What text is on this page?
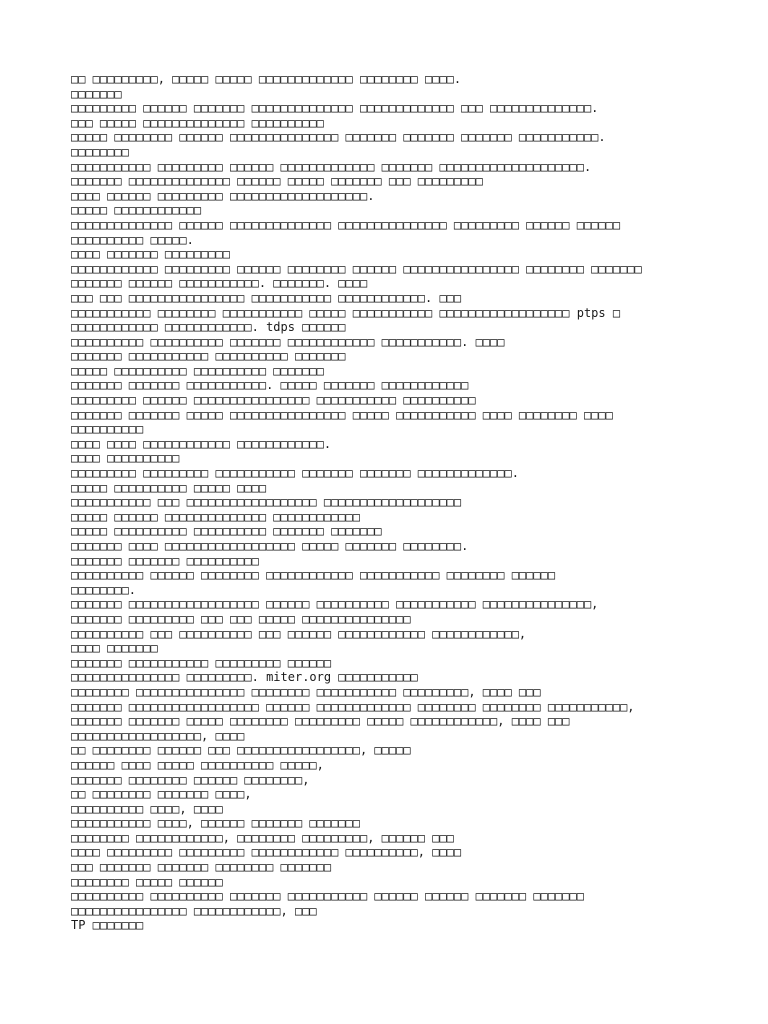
□□ □□□□□□□□□, □□□□□ □□□□□ □□□□□□□□□□□□□ □□□□□□□□ □□□□.
□□□□□□□
□□□□□□□□□ □□□□□□ □□□□□□□ □□□□□□□□□□□□□□ □□□□□□□□□□□□□ □□□ □□□□□□□□□□□□□□.
□□□ □□□□□ □□□□□□□□□□□□□□ □□□□□□□□□□
□□□□□ □□□□□□□□ □□□□□□ □□□□□□□□□□□□□□□ □□□□□□□ □□□□□□□ □□□□□□□ □□□□□□□□□□□.
□□□□□□□□
□□□□□□□□□□□ □□□□□□□□□ □□□□□□ □□□□□□□□□□□□□ □□□□□□□ □□□□□□□□□□□□□□□□□□□□.
□□□□□□□ □□□□□□□□□□□□□□ □□□□□□ □□□□□ □□□□□□□ □□□ □□□□□□□□□
□□□□ □□□□□□ □□□□□□□□□ □□□□□□□□□□□□□□□□□□□.
□□□□□ □□□□□□□□□□□□
□□□□□□□□□□□□□□ □□□□□□ □□□□□□□□□□□□□□ □□□□□□□□□□□□□□□ □□□□□□□□□ □□□□□□ □□□□□□
□□□□□□□□□□ □□□□□.
□□□□ □□□□□□□ □□□□□□□□□
□□□□□□□□□□□□ □□□□□□□□□ □□□□□□ □□□□□□□□ □□□□□□ □□□□□□□□□□□□□□□□ □□□□□□□□ □□□□□□□
□□□□□□□ □□□□□□ □□□□□□□□□□□. □□□□□□□. □□□□
□□□ □□□ □□□□□□□□□□□□□□□□ □□□□□□□□□□□ □□□□□□□□□□□□. □□□
□□□□□□□□□□□ □□□□□□□□ □□□□□□□□□□□ □□□□□ □□□□□□□□□□□ □□□□□□□□□□□□□□□□□□ ptps □
□□□□□□□□□□□□ □□□□□□□□□□□□. tdps □□□□□□
□□□□□□□□□□ □□□□□□□□□□ □□□□□□□ □□□□□□□□□□□□ □□□□□□□□□□□. □□□□
□□□□□□□ □□□□□□□□□□□ □□□□□□□□□□ □□□□□□□
□□□□□ □□□□□□□□□□ □□□□□□□□□□ □□□□□□□
□□□□□□□ □□□□□□□ □□□□□□□□□□□. □□□□□ □□□□□□□ □□□□□□□□□□□□
□□□□□□□□□ □□□□□□ □□□□□□□□□□□□□□□□ □□□□□□□□□□□ □□□□□□□□□□
□□□□□□□ □□□□□□□ □□□□□ □□□□□□□□□□□□□□□□ □□□□□ □□□□□□□□□□□ □□□□ □□□□□□□□ □□□□
□□□□□□□□□□
□□□□ □□□□ □□□□□□□□□□□□ □□□□□□□□□□□□.
□□□□ □□□□□□□□□□
□□□□□□□□□ □□□□□□□□□ □□□□□□□□□□□ □□□□□□□ □□□□□□□ □□□□□□□□□□□□□.
□□□□□ □□□□□□□□□□ □□□□□ □□□□
□□□□□□□□□□□ □□□ □□□□□□□□□□□□□□□□□□ □□□□□□□□□□□□□□□□□□□
□□□□□ □□□□□□ □□□□□□□□□□□□□□ □□□□□□□□□□□□
□□□□□ □□□□□□□□□□ □□□□□□□□□□ □□□□□□□ □□□□□□□
□□□□□□□ □□□□ □□□□□□□□□□□□□□□□□□ □□□□□ □□□□□□□ □□□□□□□□.
□□□□□□□ □□□□□□□ □□□□□□□□□□
□□□□□□□□□□ □□□□□□ □□□□□□□□ □□□□□□□□□□□□ □□□□□□□□□□□ □□□□□□□□ □□□□□□
□□□□□□□□.
□□□□□□□ □□□□□□□□□□□□□□□□□□ □□□□□□ □□□□□□□□□□ □□□□□□□□□□□ □□□□□□□□□□□□□□□,
□□□□□□□ □□□□□□□□□ □□□ □□□ □□□□□ □□□□□□□□□□□□□□□
□□□□□□□□□□ □□□ □□□□□□□□□□ □□□ □□□□□□ □□□□□□□□□□□□ □□□□□□□□□□□□,
□□□□ □□□□□□□
□□□□□□□ □□□□□□□□□□□ □□□□□□□□□ □□□□□□
□□□□□□□□□□□□□□□ □□□□□□□□□. miter.org □□□□□□□□□□□
□□□□□□□□ □□□□□□□□□□□□□□□ □□□□□□□□ □□□□□□□□□□□ □□□□□□□□□, □□□□ □□□
□□□□□□□ □□□□□□□□□□□□□□□□□□ □□□□□□ □□□□□□□□□□□□□ □□□□□□□□ □□□□□□□□ □□□□□□□□□□□,
□□□□□□□ □□□□□□□ □□□□□ □□□□□□□□ □□□□□□□□□ □□□□□ □□□□□□□□□□□□, □□□□ □□□
□□□□□□□□□□□□□□□□□□, □□□□
□□ □□□□□□□□ □□□□□□ □□□ □□□□□□□□□□□□□□□□□, □□□□□
□□□□□□ □□□□ □□□□□ □□□□□□□□□□ □□□□□,
□□□□□□□ □□□□□□□□ □□□□□□ □□□□□□□□,
□□ □□□□□□□□ □□□□□□□ □□□□,
□□□□□□□□□□ □□□□, □□□□
□□□□□□□□□□□ □□□□, □□□□□□ □□□□□□□ □□□□□□□
□□□□□□□□ □□□□□□□□□□□□, □□□□□□□□ □□□□□□□□□, □□□□□□ □□□
□□□□ □□□□□□□□□ □□□□□□□□□ □□□□□□□□□□□□ □□□□□□□□□□, □□□□
□□□ □□□□□□□ □□□□□□□ □□□□□□□□ □□□□□□□
□□□□□□□□ □□□□□ □□□□□□
□□□□□□□□□□ □□□□□□□□□□ □□□□□□□ □□□□□□□□□□□ □□□□□□ □□□□□□ □□□□□□□ □□□□□□□
□□□□□□□□□□□□□□□□ □□□□□□□□□□□□, □□□
TP □□□□□□□
